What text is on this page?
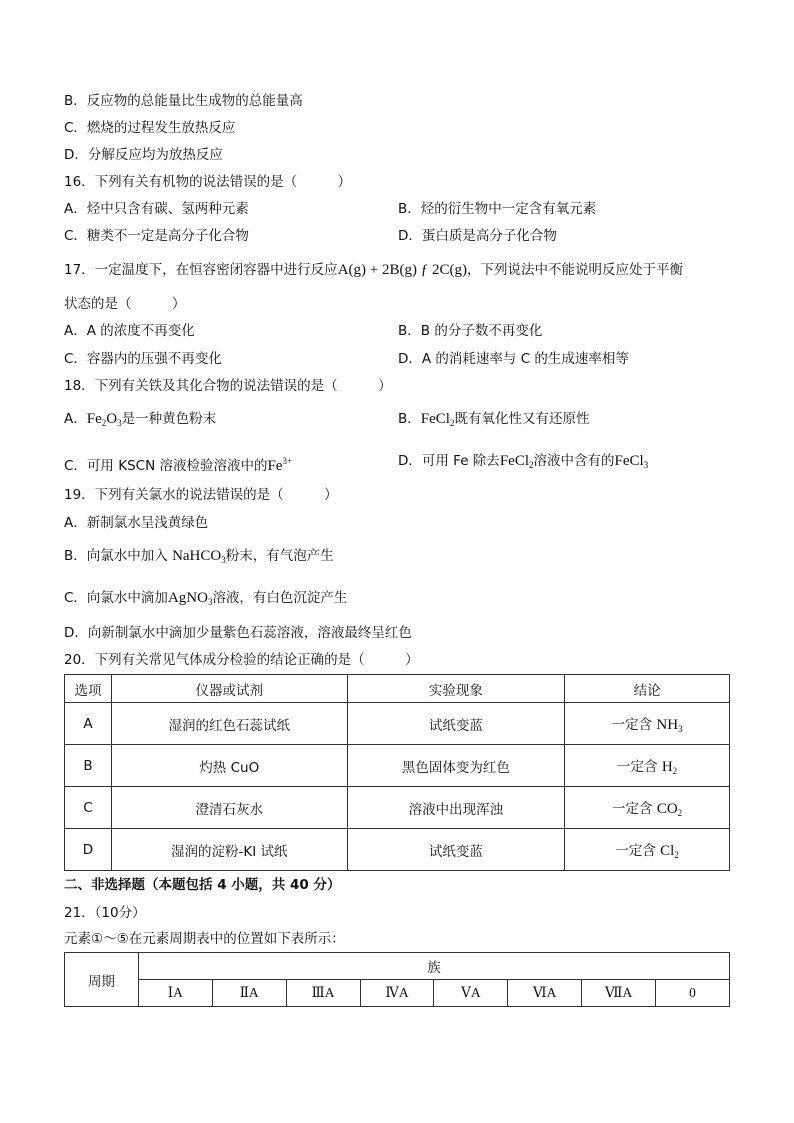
B．反应物的总能量比生成物的总能量高
C．燃烧的过程发生放热反应
D．分解反应均为放热反应
16．下列有关有机物的说法错误的是（　　　）
A．烃中只含有碳、氢两种元素	B．烃的衍生物中一定含有氧元素
C．糖类不一定是高分子化合物	D．蛋白质是高分子化合物
17．一定温度下，在恒容密闭容器中进行反应A(g) + 2B(g) ƒ 2C(g)，下列说法中不能说明反应处于平衡
状态的是（　　　）
A．A 的浓度不再变化	B．B 的分子数不再变化
C．容器内的压强不再变化	D．A 的消耗速率与 C 的生成速率相等
18．下列有关铁及其化合物的说法错误的是（　　　）
A．$Fe_2O_3$是一种黄色粉末	B．FeCl$_2$既有氧化性又有还原性
C．可用 KSCN 溶液检验溶液中的$Fe^{3+}$	D．可用 Fe 除去FeCl$_2$溶液中含有的FeCl$_3$
19．下列有关氯水的说法错误的是（　　　）
A．新制氯水呈浅黄绿色
B．向氯水中加入 NaHCO$_3$粉末，有气泡产生
C．向氯水中滴加AgNO$_3$溶液，有白色沉淀产生
D．向新制氯水中滴加少量紫色石蕊溶液，溶液最终呈红色
20．下列有关常见气体成分检验的结论正确的是（　　　）
选项	仪器或试剂	实验现象	结论
A	湿润的红色石蕊试纸	试纸变蓝	一定含 $NH_3$
B	灼热 CuO	黑色固体变为红色	一定含 $H_2$
C	澄清石灰水	溶液中出现浑浊	一定含 $CO_2$
D	湿润的淀粉-KI 试纸	试纸变蓝	一定含 $Cl_2$
二、非选择题（本题包括 4 小题，共 40 分）
21．（10分）
元素①～⑤在元素周期表中的位置如下表所示：
周期	族							
	ⅠA	ⅡA	ⅢA	ⅣA	ⅤA	ⅥA	ⅦA	0
